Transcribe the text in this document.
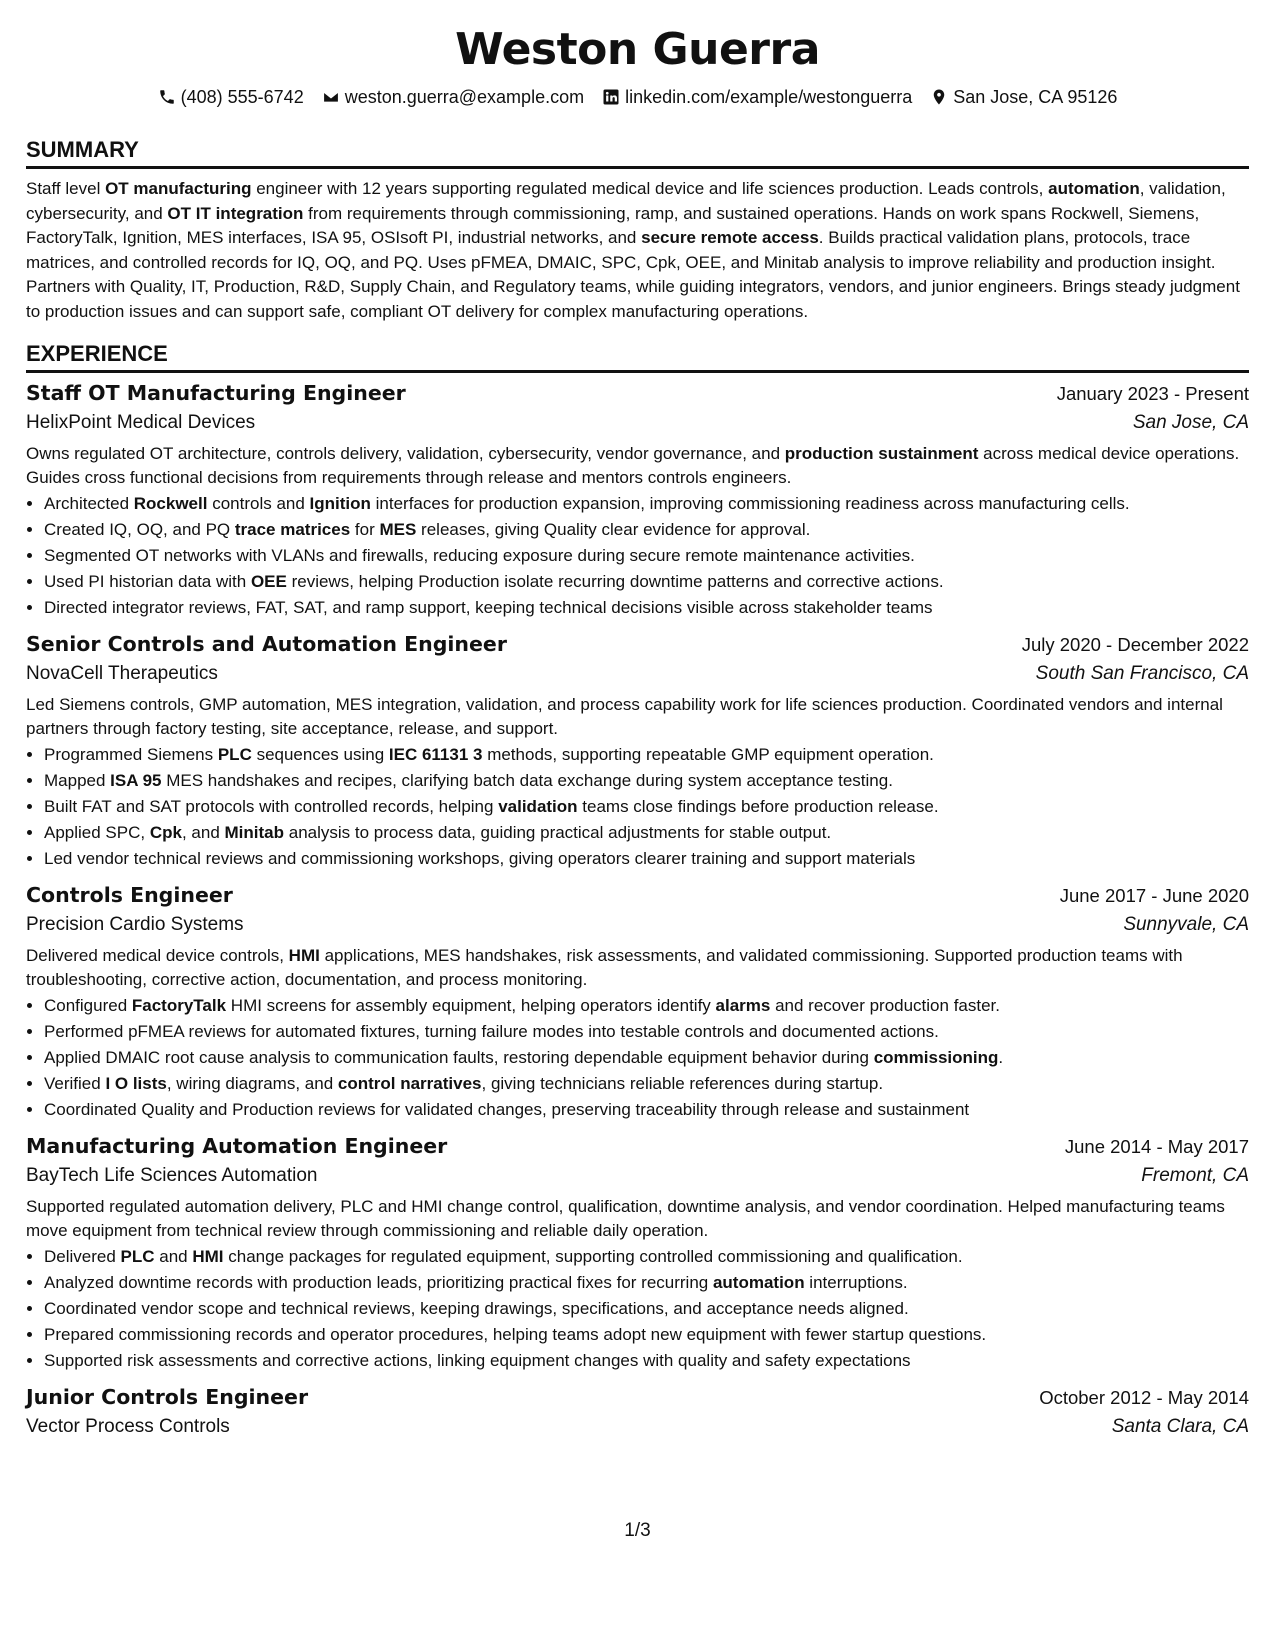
Weston Guerra
(408) 555-6742 weston.guerra@example.com linkedin.com/example/westonguerra San Jose, CA 95126
SUMMARY
Staff level OT manufacturing engineer with 12 years supporting regulated medical device and life sciences production. Leads controls, automation, validation, cybersecurity, and OT IT integration from requirements through commissioning, ramp, and sustained operations. Hands on work spans Rockwell, Siemens, FactoryTalk, Ignition, MES interfaces, ISA 95, OSIsoft PI, industrial networks, and secure remote access. Builds practical validation plans, protocols, trace matrices, and controlled records for IQ, OQ, and PQ. Uses pFMEA, DMAIC, SPC, Cpk, OEE, and Minitab analysis to improve reliability and production insight. Partners with Quality, IT, Production, R&D, Supply Chain, and Regulatory teams, while guiding integrators, vendors, and junior engineers. Brings steady judgment to production issues and can support safe, compliant OT delivery for complex manufacturing operations.
EXPERIENCE
Staff OT Manufacturing Engineer	January 2023 - Present
HelixPoint Medical Devices	San Jose, CA
Owns regulated OT architecture, controls delivery, validation, cybersecurity, vendor governance, and production sustainment across medical device operations. Guides cross functional decisions from requirements through release and mentors controls engineers.
• Architected Rockwell controls and Ignition interfaces for production expansion, improving commissioning readiness across manufacturing cells.
• Created IQ, OQ, and PQ trace matrices for MES releases, giving Quality clear evidence for approval.
• Segmented OT networks with VLANs and firewalls, reducing exposure during secure remote maintenance activities.
• Used PI historian data with OEE reviews, helping Production isolate recurring downtime patterns and corrective actions.
• Directed integrator reviews, FAT, SAT, and ramp support, keeping technical decisions visible across stakeholder teams
Senior Controls and Automation Engineer	July 2020 - December 2022
NovaCell Therapeutics	South San Francisco, CA
Led Siemens controls, GMP automation, MES integration, validation, and process capability work for life sciences production. Coordinated vendors and internal partners through factory testing, site acceptance, release, and support.
• Programmed Siemens PLC sequences using IEC 61131 3 methods, supporting repeatable GMP equipment operation.
• Mapped ISA 95 MES handshakes and recipes, clarifying batch data exchange during system acceptance testing.
• Built FAT and SAT protocols with controlled records, helping validation teams close findings before production release.
• Applied SPC, Cpk, and Minitab analysis to process data, guiding practical adjustments for stable output.
• Led vendor technical reviews and commissioning workshops, giving operators clearer training and support materials
Controls Engineer	June 2017 - June 2020
Precision Cardio Systems	Sunnyvale, CA
Delivered medical device controls, HMI applications, MES handshakes, risk assessments, and validated commissioning. Supported production teams with troubleshooting, corrective action, documentation, and process monitoring.
• Configured FactoryTalk HMI screens for assembly equipment, helping operators identify alarms and recover production faster.
• Performed pFMEA reviews for automated fixtures, turning failure modes into testable controls and documented actions.
• Applied DMAIC root cause analysis to communication faults, restoring dependable equipment behavior during commissioning.
• Verified I O lists, wiring diagrams, and control narratives, giving technicians reliable references during startup.
• Coordinated Quality and Production reviews for validated changes, preserving traceability through release and sustainment
Manufacturing Automation Engineer	June 2014 - May 2017
BayTech Life Sciences Automation	Fremont, CA
Supported regulated automation delivery, PLC and HMI change control, qualification, downtime analysis, and vendor coordination. Helped manufacturing teams move equipment from technical review through commissioning and reliable daily operation.
• Delivered PLC and HMI change packages for regulated equipment, supporting controlled commissioning and qualification.
• Analyzed downtime records with production leads, prioritizing practical fixes for recurring automation interruptions.
• Coordinated vendor scope and technical reviews, keeping drawings, specifications, and acceptance needs aligned.
• Prepared commissioning records and operator procedures, helping teams adopt new equipment with fewer startup questions.
• Supported risk assessments and corrective actions, linking equipment changes with quality and safety expectations
Junior Controls Engineer	October 2012 - May 2014
Vector Process Controls	Santa Clara, CA
1/3
